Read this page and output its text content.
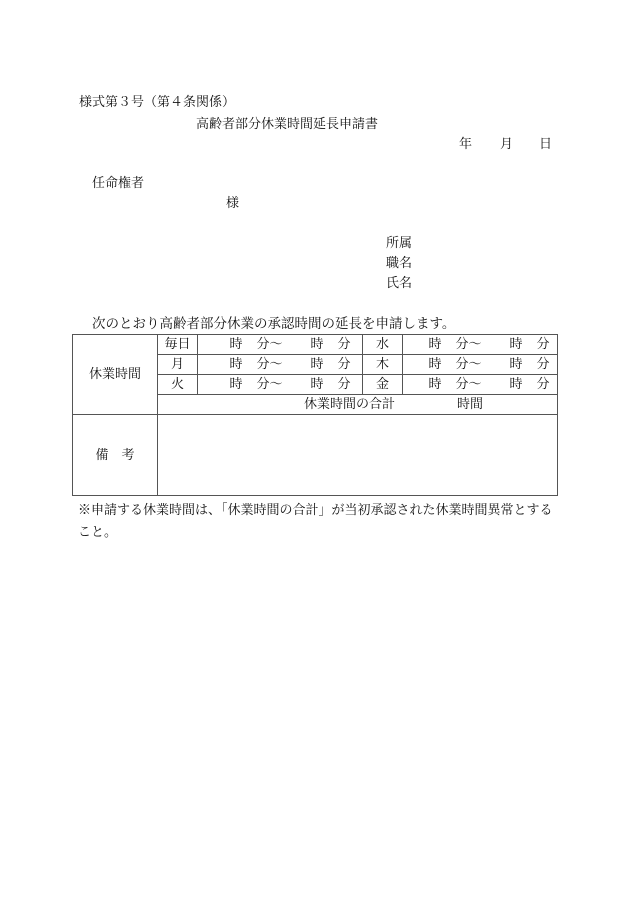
様式第３号（第４条関係）
高齢者部分休業時間延長申請書
年 月 日
任命権者
様
所属
職名
氏名
次のとおり高齢者部分休業の承認時間の延長を申請します。
休業時間	毎日	時 分〜 時 分	水	時 分〜 時 分
	月	時 分〜 時 分	木	時 分〜 時 分
	火	時 分〜 時 分	金	時 分〜 時 分
	休業時間の合計 時間			
備　考				
※申請する休業時間は、「休業時間の合計」が当初承認された休業時間異常とすること。
